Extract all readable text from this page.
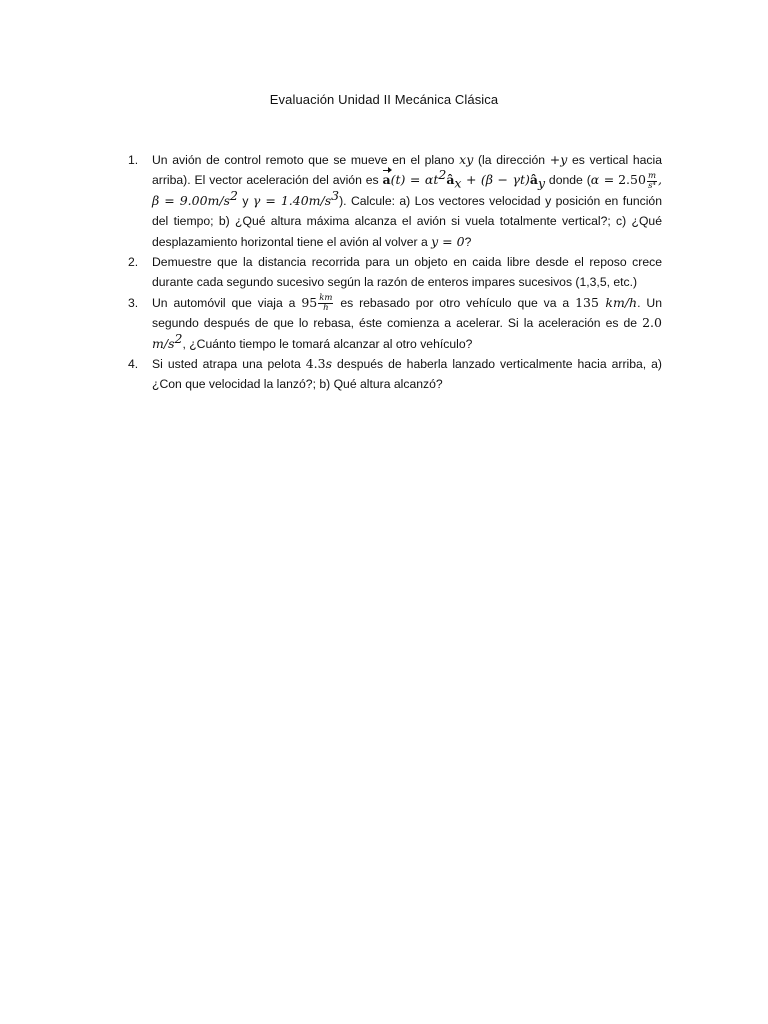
Evaluación Unidad II Mecánica Clásica
1. Un avión de control remoto que se mueve en el plano xy (la dirección +y es vertical hacia arriba). El vector aceleración del avión es $a(t) = \alpha t^2â_x + (\beta$ − $\gamma t)â_y$ donde ($\alpha = 2.50 \frac{m}{\text{s⁴}}$ , $\beta = 9.00m/s^2$ y $\gamma = 1.40m/s^3$). Calcule: a) Los vectores velocidad y posición en función del tiempo; b) ¿Qué altura máxima alcanza el avión si vuela totalmente vertical?; c) ¿Qué desplazamiento horizontal tiene el avión al volver a y = 0?
2. Demuestre que la distancia recorrida para un objeto en caida libre desde el reposo crece durante cada segundo sucesivo según la razón de enteros impares sucesivos (1,3,5, etc.)
3. Un automóvil que viaja a $95 \frac{km}{h}$ es rebasado por otro vehículo que va a 135 km/h. Un segundo después de que lo rebasa, éste comienza a acelerar. Si la aceleración es de 2.0 $m/s^2$, ¿Cuánto tiempo le tomará alcanzar al otro vehículo?
4. Si usted atrapa una pelota 4.3s después de haberla lanzado verticalmente hacia arriba, a) ¿Con que velocidad la lanzó?; b) Qué altura alcanzó?
